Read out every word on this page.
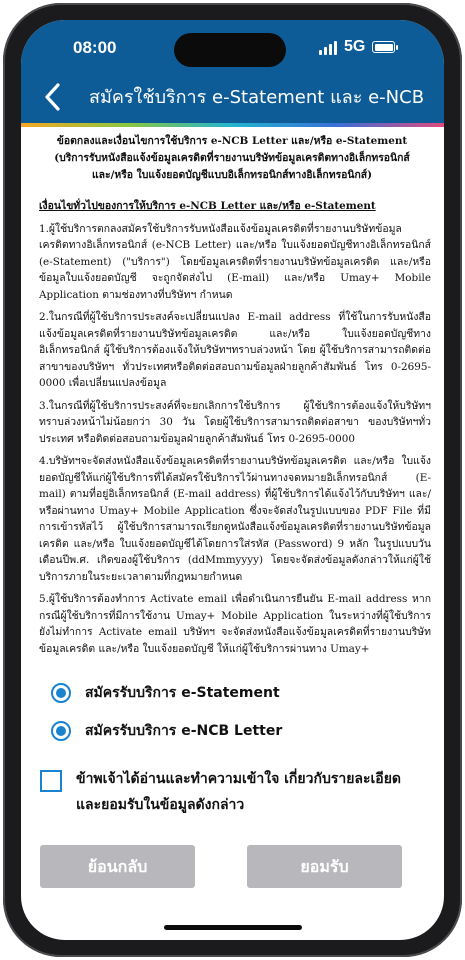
08:00	5G
สมัครใช้บริการ e-Statement และ e-NCB
ข้อตกลงและเงื่อนไขการใช้บริการ e-NCB Letter และ/หรือ e-Statement
(บริการรับหนังสือแจ้งข้อมูลเครดิตที่รายงานบริษัทข้อมูลเครดิตทางอิเล็กทรอนิกส์
และ/หรือ ใบแจ้งยอดบัญชีแบบอิเล็กทรอนิกส์ทางอิเล็กทรอนิกส์)
เงื่อนไขทั่วไปของการให้บริการ e-NCB Letter และ/หรือ e-Statement
1.ผู้ใช้บริการตกลงสมัครใช้บริการรับหนังสือแจ้งข้อมูลเครดิตที่รายงานบริษัทข้อมูลเครดิตทางอิเล็กทรอนิกส์ (e-NCB Letter) และ/หรือ ใบแจ้งยอดบัญชีทางอิเล็กทรอนิกส์ (e-Statement) ("บริการ") โดยข้อมูลเครดิตที่รายงานบริษัทข้อมูลเครดิต และ/หรือ ข้อมูลใบแจ้งยอดบัญชี จะถูกจัดส่งไป (E-mail) และ/หรือ Umay+ Mobile Application ตามช่องทางที่บริษัทฯ กำหนด
2.ในกรณีที่ผู้ใช้บริการประสงค์จะเปลี่ยนแปลง E-mail address ที่ใช้ในการรับหนังสือแจ้งข้อมูลเครดิตที่รายงานบริษัทข้อมูลเครดิต และ/หรือ ใบแจ้งยอดบัญชีทางอิเล็กทรอนิกส์ ผู้ใช้บริการต้องแจ้งให้บริษัทฯทราบล่วงหน้า โดย ผู้ใช้บริการสามารถติดต่อสาขาของบริษัทฯ ทั่วประเทศหรือติดต่อสอบถามข้อมูลฝ่ายลูกค้าสัมพันธ์ โทร 0-2695-0000 เพื่อเปลี่ยนแปลงข้อมูล
3.ในกรณีที่ผู้ใช้บริการประสงค์ที่จะยกเลิกการใช้บริการ ผู้ใช้บริการต้องแจ้งให้บริษัทฯทราบล่วงหน้าไม่น้อยกว่า 30 วัน โดยผู้ใช้บริการสามารถติดต่อสาขา ของบริษัทฯทั่วประเทศ หรือติดต่อสอบถามข้อมูลฝ่ายลูกค้าสัมพันธ์ โทร 0-2695-0000
4.บริษัทฯจะจัดส่งหนังสือแจ้งข้อมูลเครดิตที่รายงานบริษัทข้อมูลเครดิต และ/หรือ ใบแจ้งยอดบัญชีให้แก่ผู้ใช้บริการที่ได้สมัครใช้บริการไว้ผ่านทางจดหมายอิเล็กทรอนิกส์ (E-mail) ตามที่อยู่อิเล็กทรอนิกส์ (E-mail address) ที่ผู้ใช้บริการได้แจ้งไว้กับบริษัทฯ และ/หรือผ่านทาง Umay+ Mobile Application ซึ่งจะจัดส่งในรูปแบบของ PDF File ที่มีการเข้ารหัสไว้ ผู้ใช้บริการสามารถเรียกดูหนังสือแจ้งข้อมูลเครดิตที่รายงานบริษัทข้อมูลเครดิต และ/หรือ ใบแจ้งยอดบัญชีได้โดยการใส่รหัส (Password) 9 หลัก ในรูปแบบวันเดือนปีพ.ศ. เกิดของผู้ใช้บริการ (ddMmmyyyy) โดยจะจัดส่งข้อมูลดังกล่าวให้แก่ผู้ใช้บริการภายในระยะเวลาตามที่กฎหมายกำหนด
5.ผู้ใช้บริการต้องทำการ Activate email เพื่อดำเนินการยืนยัน E-mail address หากกรณีผู้ใช้บริการที่มีการใช้งาน Umay+ Mobile Application ในระหว่างที่ผู้ใช้บริการยังไม่ทำการ Activate email บริษัทฯ จะจัดส่งหนังสือแจ้งข้อมูลเครดิตที่รายงานบริษัทข้อมูลเครดิต และ/หรือ ใบแจ้งยอดบัญชี ให้แก่ผู้ใช้บริการผ่านทาง Umay+
สมัครรับบริการ e-Statement
สมัครรับบริการ e-NCB Letter
ข้าพเจ้าได้อ่านและทำความเข้าใจ เกี่ยวกับรายละเอียด และยอมรับในข้อมูลดังกล่าว
ย้อนกลับ	ยอมรับ
